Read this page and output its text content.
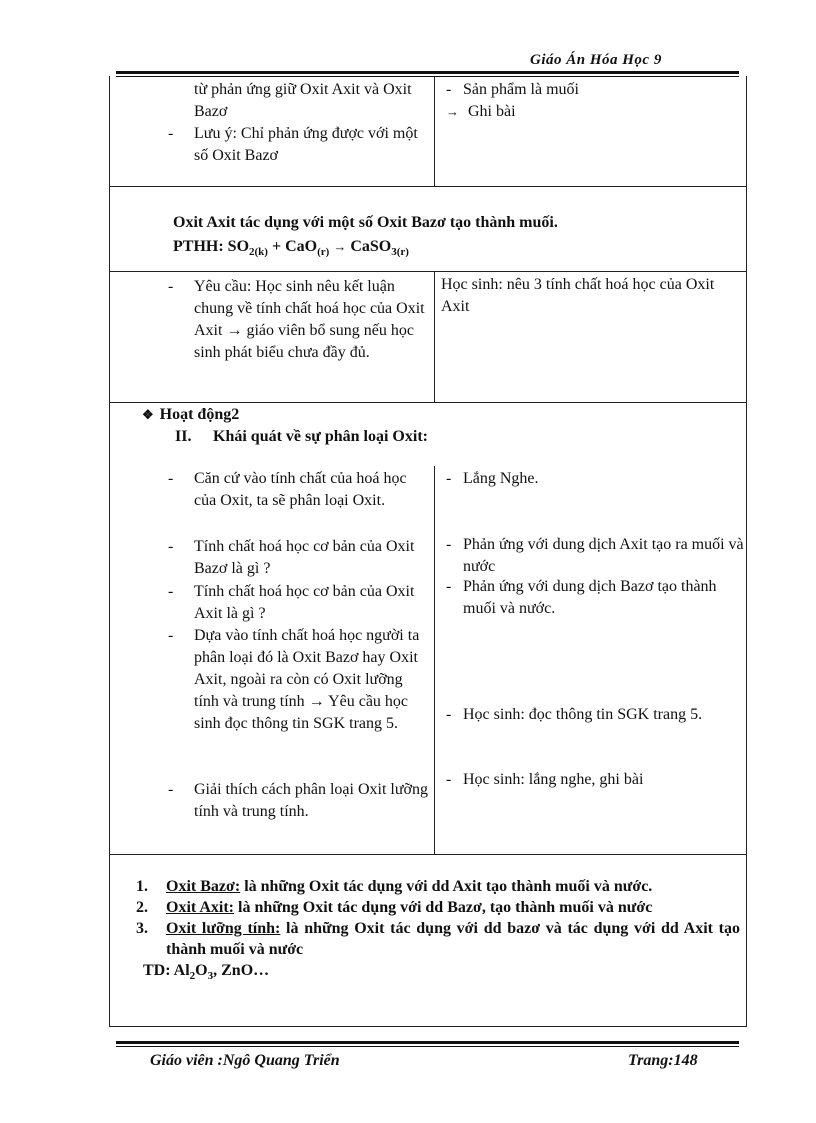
Giáo Án Hóa Học 9
từ phản ứng giữ Oxit Axit và Oxit Bazơ
- Lưu ý: Chỉ phản ứng được với một số Oxit Bazơ
- Sản phẩm là muối
→ Ghi bài
Oxit Axit tác dụng với một số Oxit Bazơ tạo thành muối.
PTHH: $SO_{2(k)} + CaO_{(r)}$ → CaSO$_{3(r)}$
- Yêu cầu: Học sinh nêu kết luận chung về tính chất hoá học của Oxit Axit → giáo viên bổ sung nếu học sinh phát biểu chưa đầy đủ.
Học sinh: nêu 3 tính chất hoá học của Oxit Axit
❖ Hoạt động2
II. Khái quát về sự phân loại Oxit:
- Căn cứ vào tính chất của hoá học của Oxit, ta sẽ phân loại Oxit.
- Tính chất hoá học cơ bản của Oxit Bazơ là gì ?
- Tính chất hoá học cơ bản của Oxit Axit là gì ?
- Dựa vào tính chất hoá học người ta phân loại đó là Oxit Bazơ hay Oxit Axit, ngoài ra còn có Oxit lưỡng tính và trung tính → Yêu cầu học sinh đọc thông tin SGK trang 5.
- Giải thích cách phân loại Oxit lưỡng tính và trung tính.
- Lắng Nghe.
- Phản ứng với dung dịch Axit tạo ra muối và nước
- Phản ứng với dung dịch Bazơ tạo thành muối và nước.
- Học sinh: đọc thông tin SGK trang 5.
- Học sinh: lắng nghe, ghi bài
1. Oxit Bazơ: là những Oxit tác dụng với dd Axit tạo thành muối và nước.
2. Oxit Axit: là những Oxit tác dụng với dd Bazơ, tạo thành muối và nước
3. Oxit lưỡng tính: là những Oxit tác dụng với dd bazơ và tác dụng với dd Axit tạo thành muối và nước
TD: $Al_2O_3$, ZnO…
Giáo viên :Ngô Quang Triển	Trang:148
